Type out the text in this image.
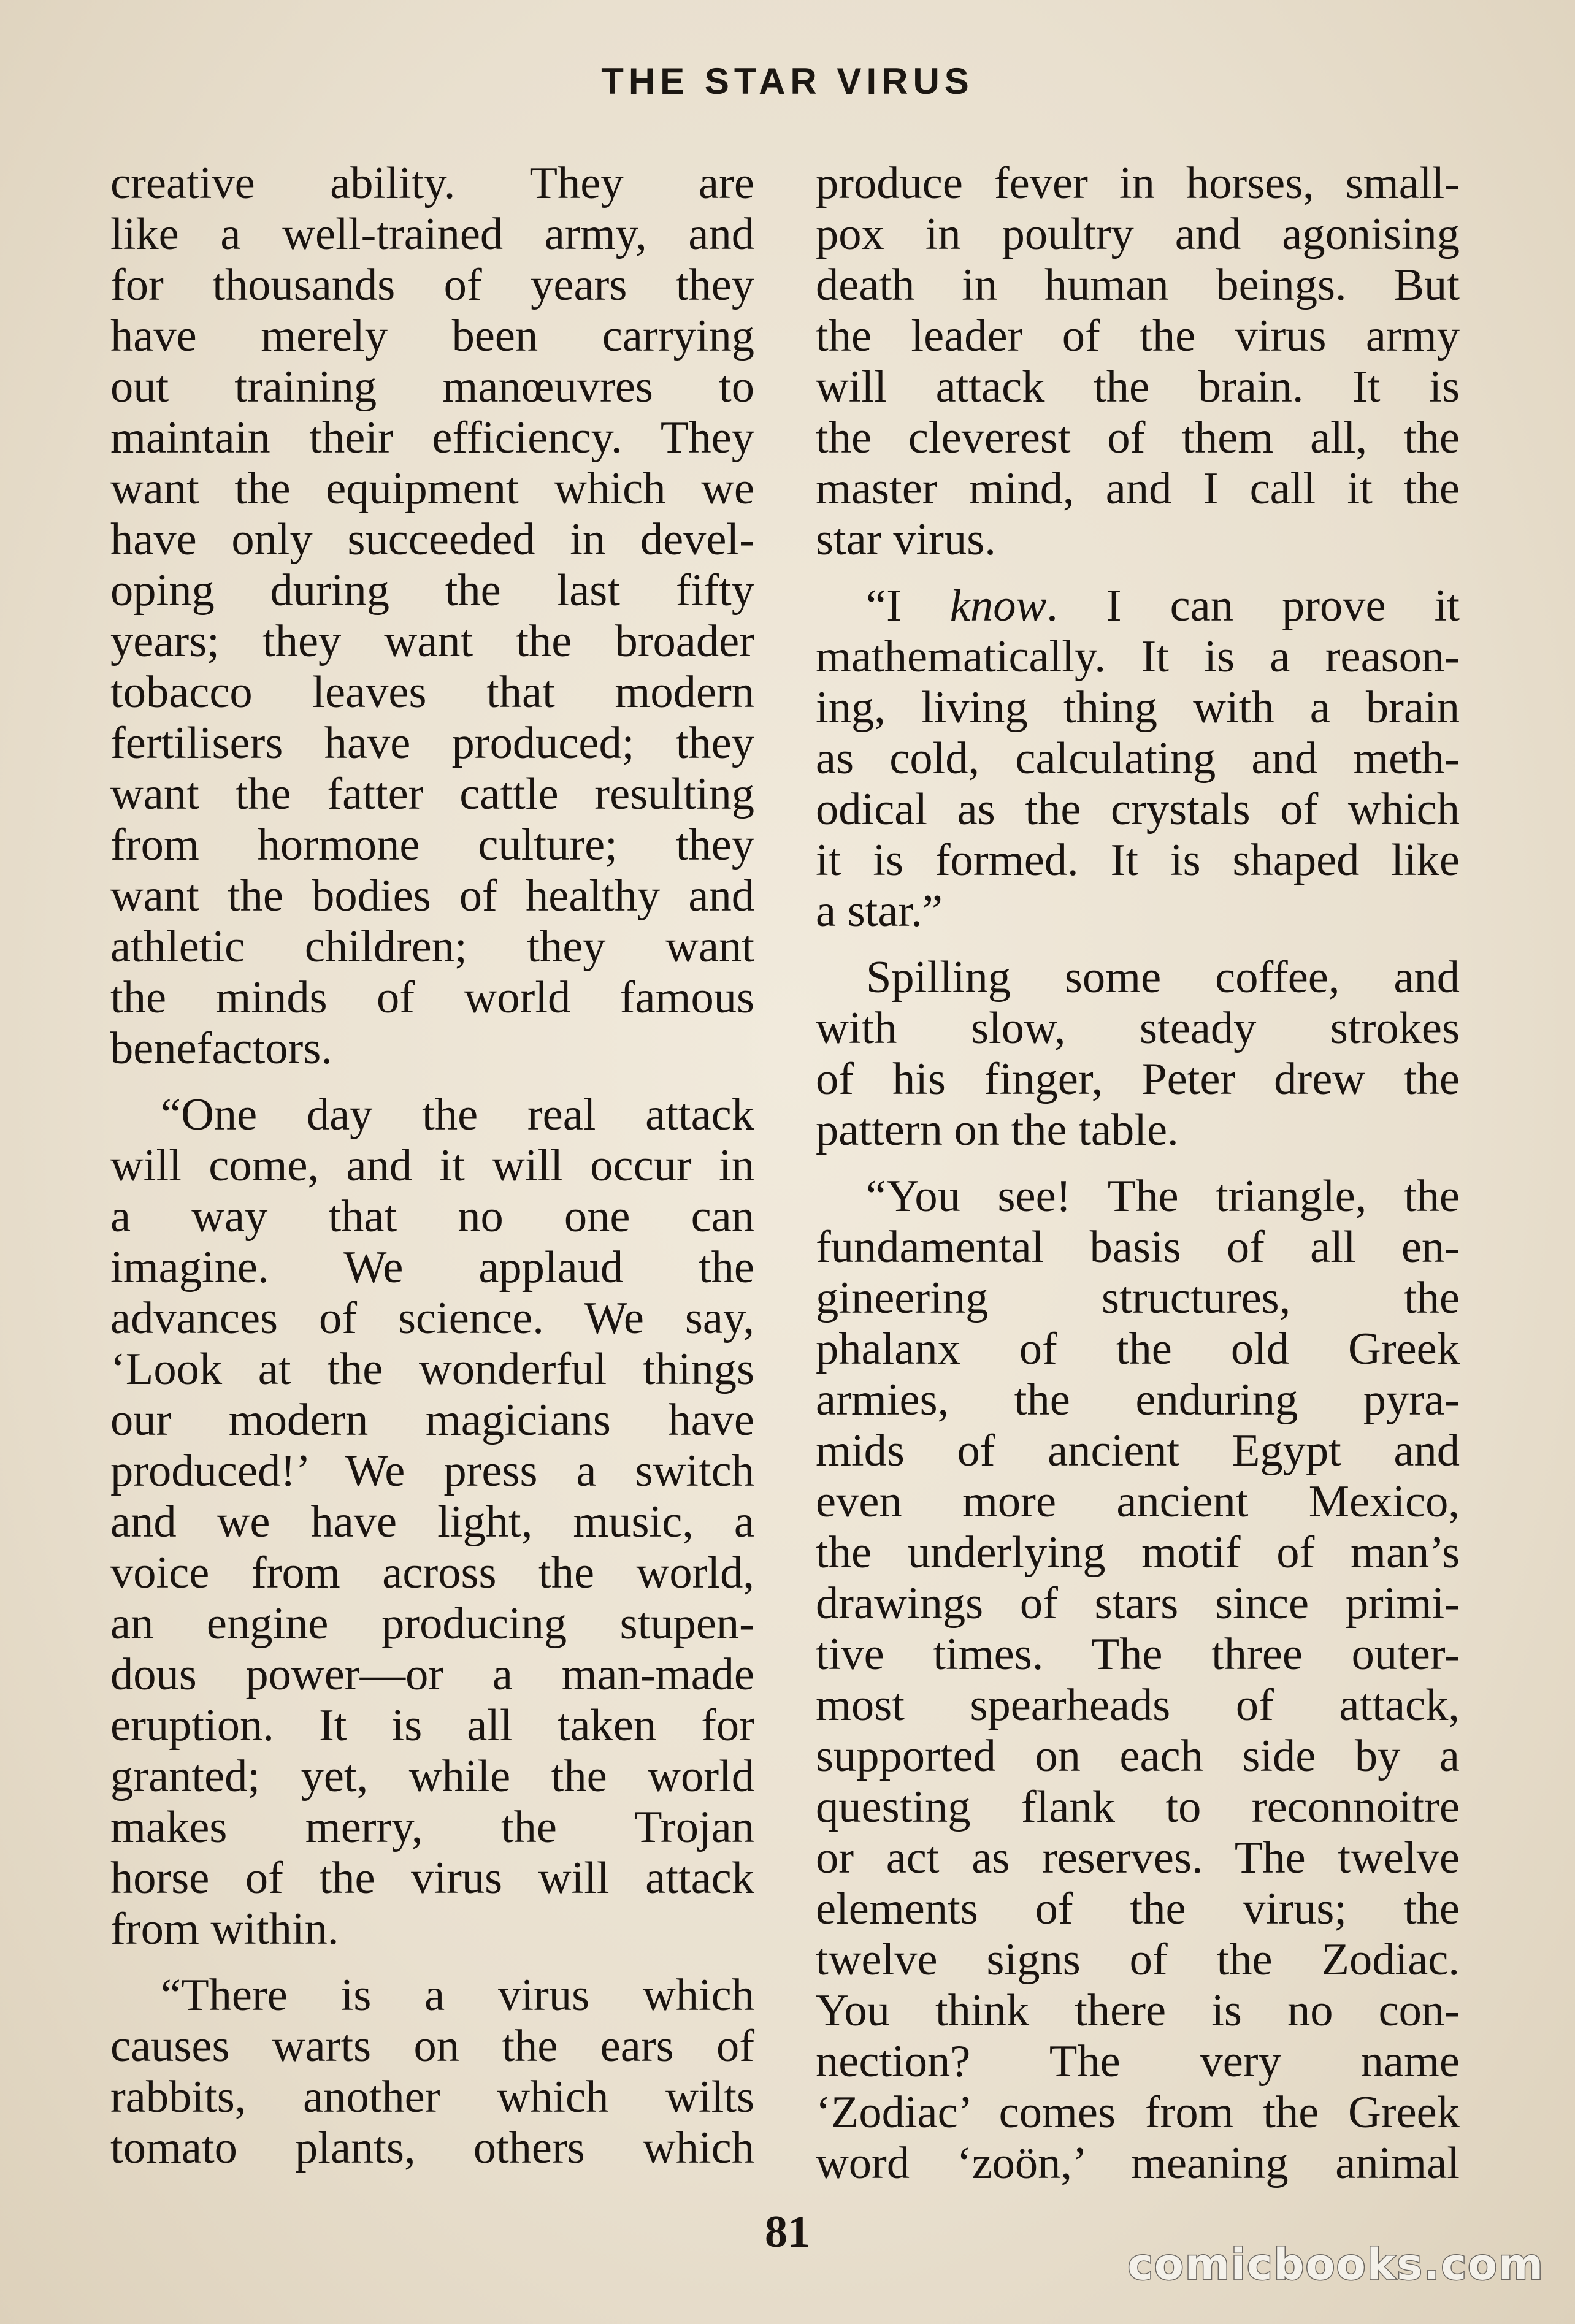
THE STAR VIRUS
creative ability. They are
like a well-trained army, and
for thousands of years they
have merely been carrying
out training manœuvres to
maintain their efficiency. They
want the equipment which we
have only succeeded in devel-
oping during the last fifty
years; they want the broader
tobacco leaves that modern
fertilisers have produced; they
want the fatter cattle resulting
from hormone culture; they
want the bodies of healthy and
athletic children; they want
the minds of world famous
benefactors.
“One day the real attack
will come, and it will occur in
a way that no one can
imagine. We applaud the
advances of science. We say,
‘Look at the wonderful things
our modern magicians have
produced!’ We press a switch
and we have light, music, a
voice from across the world,
an engine producing stupen-
dous power—or a man-made
eruption. It is all taken for
granted; yet, while the world
makes merry, the Trojan
horse of the virus will attack
from within.
“There is a virus which
causes warts on the ears of
rabbits, another which wilts
tomato plants, others which
produce fever in horses, small-
pox in poultry and agonising
death in human beings. But
the leader of the virus army
will attack the brain. It is
the cleverest of them all, the
master mind, and I call it the
star virus.
“I know. I can prove it
mathematically. It is a reason-
ing, living thing with a brain
as cold, calculating and meth-
odical as the crystals of which
it is formed. It is shaped like
a star.”
Spilling some coffee, and
with slow, steady strokes
of his finger, Peter drew the
pattern on the table.
“You see! The triangle, the
fundamental basis of all en-
gineering structures, the
phalanx of the old Greek
armies, the enduring pyra-
mids of ancient Egypt and
even more ancient Mexico,
the underlying motif of man’s
drawings of stars since primi-
tive times. The three outer-
most spearheads of attack,
supported on each side by a
questing flank to reconnoitre
or act as reserves. The twelve
elements of the virus; the
twelve signs of the Zodiac.
You think there is no con-
nection? The very name
‘Zodiac’ comes from the Greek
word ‘zoön,’ meaning animal
81
comicbooks.com
